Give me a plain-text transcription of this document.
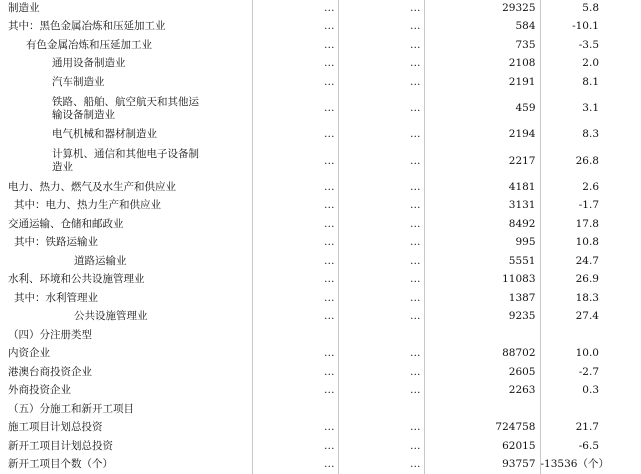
制造业	…	…	29325	5.8
其中：黑色金属冶炼和压延加工业	…	…	584	-10.1
有色金属冶炼和压延加工业	…	…	735	-3.5
通用设备制造业	…	…	2108	2.0
汽车制造业	…	…	2191	8.1
铁路、船舶、航空航天和其他运输设备制造业	…	…	459	3.1
电气机械和器材制造业	…	…	2194	8.3
计算机、通信和其他电子设备制造业	…	…	2217	26.8
电力、热力、燃气及水生产和供应业	…	…	4181	2.6
其中：电力、热力生产和供应业	…	…	3131	-1.7
交通运输、仓储和邮政业	…	…	8492	17.8
其中：铁路运输业	…	…	995	10.8
道路运输业	…	…	5551	24.7
水利、环境和公共设施管理业	…	…	11083	26.9
其中：水利管理业	…	…	1387	18.3
公共设施管理业	…	…	9235	27.4
（四）分注册类型				
内资企业	…	…	88702	10.0
港澳台商投资企业	…	…	2605	-2.7
外商投资企业	…	…	2263	0.3
（五）分施工和新开工项目				
施工项目计划总投资	…	…	724758	21.7
新开工项目计划总投资	…	…	62015	-6.5
新开工项目个数（个）	…	…	93757	-13536（个）
